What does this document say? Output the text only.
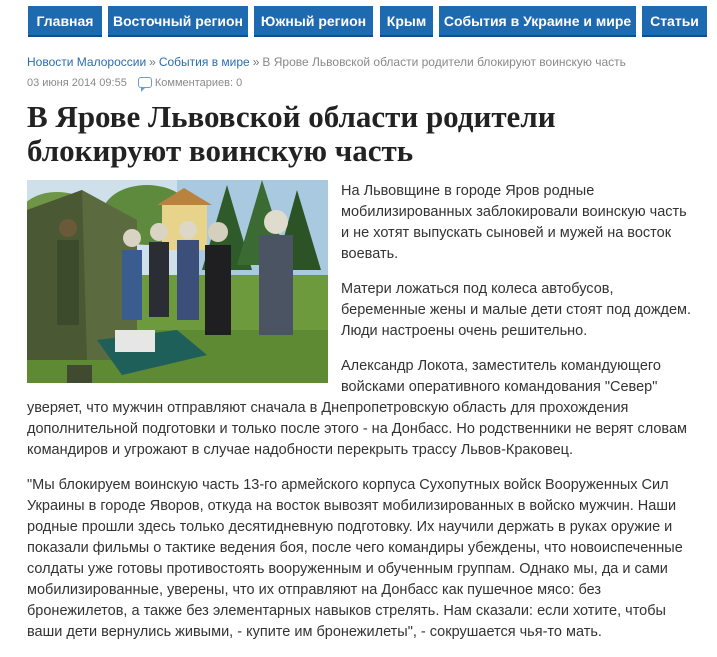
Главная	Восточный регион	Южный регион	Крым	События в Украине и мире	Статьи
Новости Малороссии » События в мире » В Ярове Львовской области родители блокируют воинскую часть
03 июня 2014 09:55	Комментариев: 0
В Ярове Львовской области родители блокируют воинскую часть

На Львовщине в городе Яров родные мобилизированных заблокировали воинскую часть и не хотят выпускать сыновей и мужей на восток воевать.

Матери ложаться под колеса автобусов, беременные жены и малые дети стоят под дождем. Люди настроены очень решительно.

Александр Локота, заместитель командующего войсками оперативного командования "Север" уверяет, что мужчин отправляют сначала в Днепропетровскую область для прохождения дополнительной подготовки и только после этого - на Донбасс. Но родственники не верят словам командиров и угрожают в случае надобности перекрыть трассу Львов-Краковец.

"Мы блокируем воинскую часть 13-го армейского корпуса Сухопутных войск Вооруженных Сил Украины в городе Яворов, откуда на восток вывозят мобилизированных в войско мужчин. Наши родные прошли здесь только десятидневную подготовку. Их научили держать в руках оружие и показали фильмы о тактике ведения боя, после чего командиры убеждены, что новоиспеченные солдаты уже готовы противостоять вооруженным и обученным группам. Однако мы, да и сами мобилизированные, уверены, что их отправляют на Донбасс как пушечное мясо: без бронежилетов, а также без элементарных навыков стрелять. Нам сказали: если хотите, чтобы ваши дети вернулись живыми, - купите им бронежилеты", - сокрушается чья-то мать.
